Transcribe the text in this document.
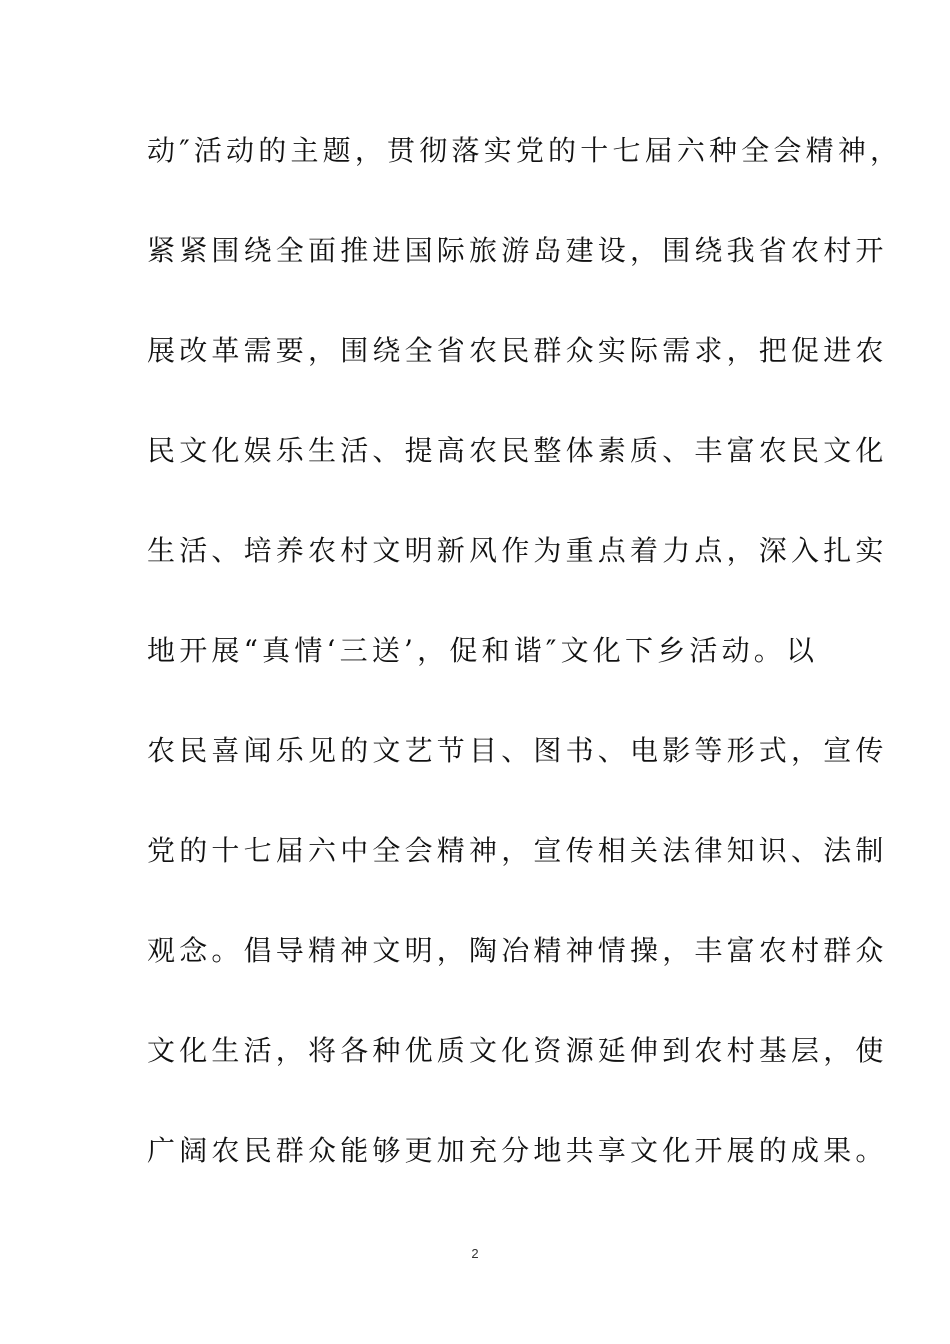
动″活动的主题，贯彻落实党的十七届六种全会精神，
紧紧围绕全面推进国际旅游岛建设，围绕我省农村开
展改革需要，围绕全省农民群众实际需求，把促进农
民文化娱乐生活、提高农民整体素质、丰富农民文化
生活、培养农村文明新风作为重点着力点，深入扎实
地开展“真情‘三送’，促和谐″文化下乡活动。以
农民喜闻乐见的文艺节目、图书、电影等形式，宣传
党的十七届六中全会精神，宣传相关法律知识、法制
观念。倡导精神文明，陶冶精神情操，丰富农村群众
文化生活，将各种优质文化资源延伸到农村基层，使
广阔农民群众能够更加充分地共享文化开展的成果。
2
